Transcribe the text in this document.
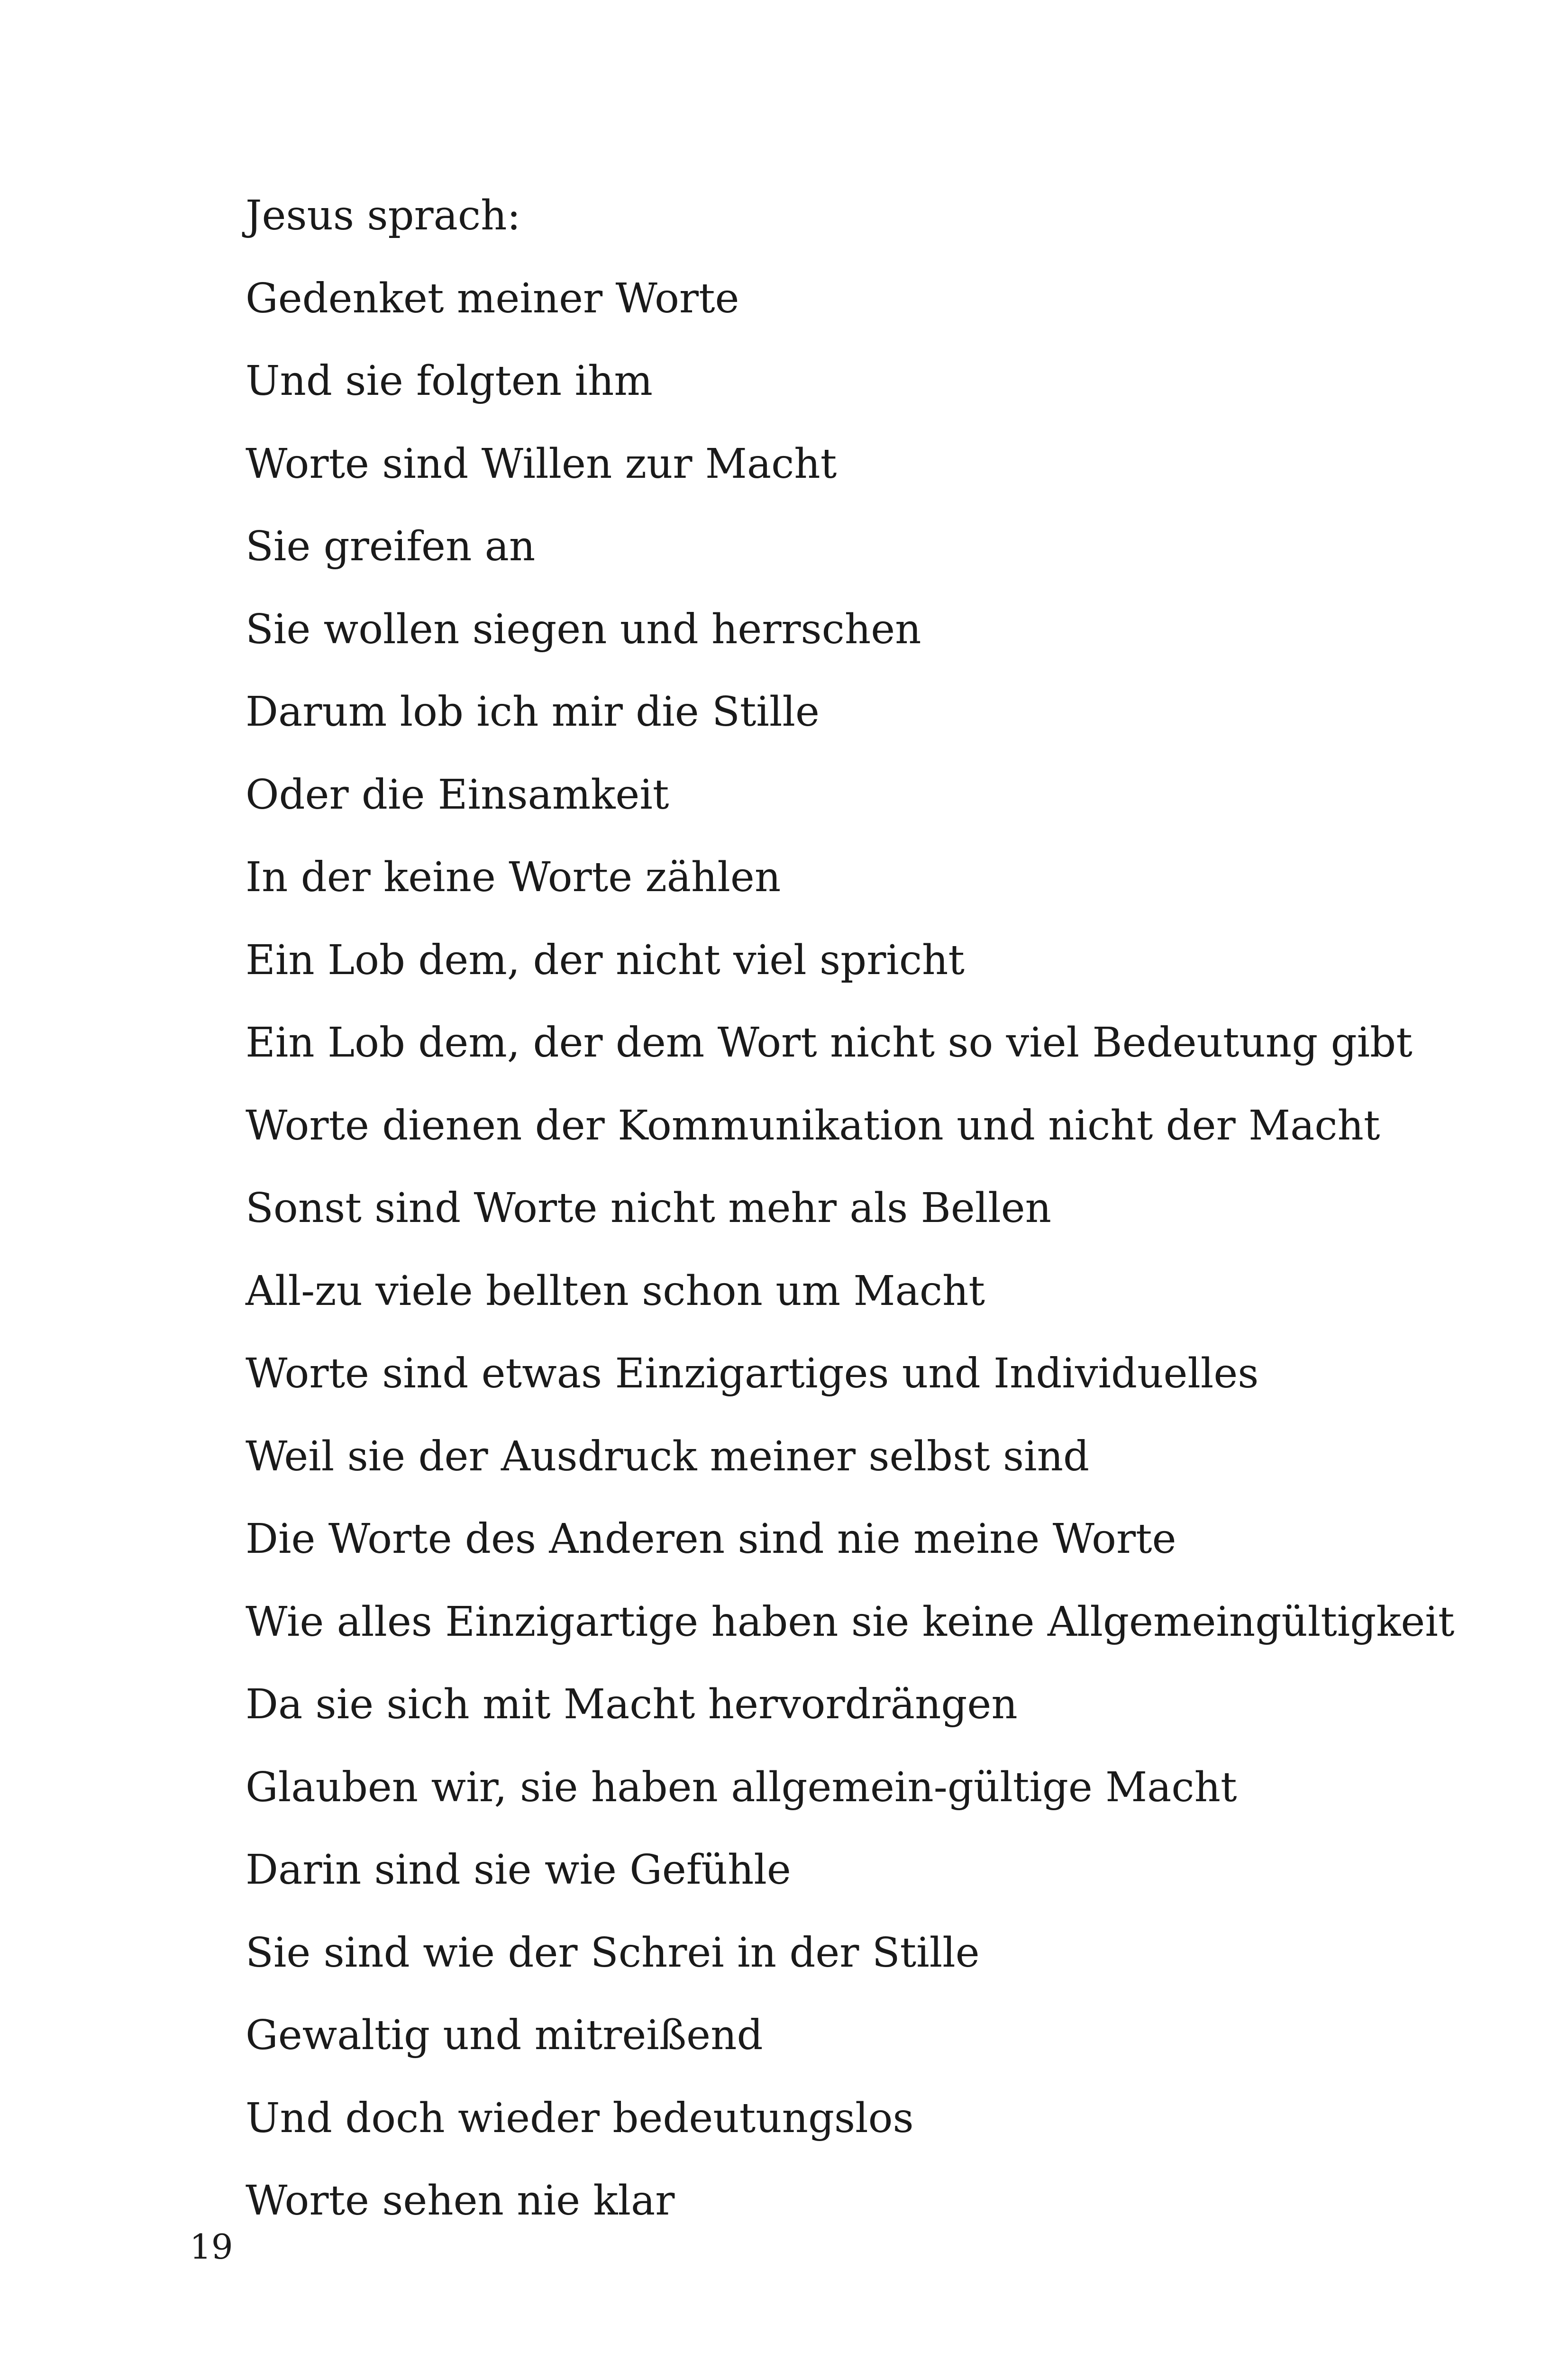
Jesus sprach:
Gedenket meiner Worte
Und sie folgten ihm
Worte sind Willen zur Macht
Sie greifen an
Sie wollen siegen und herrschen
Darum lob ich mir die Stille
Oder die Einsamkeit
In der keine Worte zählen
Ein Lob dem, der nicht viel spricht
Ein Lob dem, der dem Wort nicht so viel Bedeutung gibt
Worte dienen der Kommunikation und nicht der Macht
Sonst sind Worte nicht mehr als Bellen
All-zu viele bellten schon um Macht
Worte sind etwas Einzigartiges und Individuelles
Weil sie der Ausdruck meiner selbst sind
Die Worte des Anderen sind nie meine Worte
Wie alles Einzigartige haben sie keine Allgemeingültigkeit
Da sie sich mit Macht hervordrängen
Glauben wir, sie haben allgemein-gültige Macht
Darin sind sie wie Gefühle
Sie sind wie der Schrei in der Stille
Gewaltig und mitreißend
Und doch wieder bedeutungslos
Worte sehen nie klar
19
